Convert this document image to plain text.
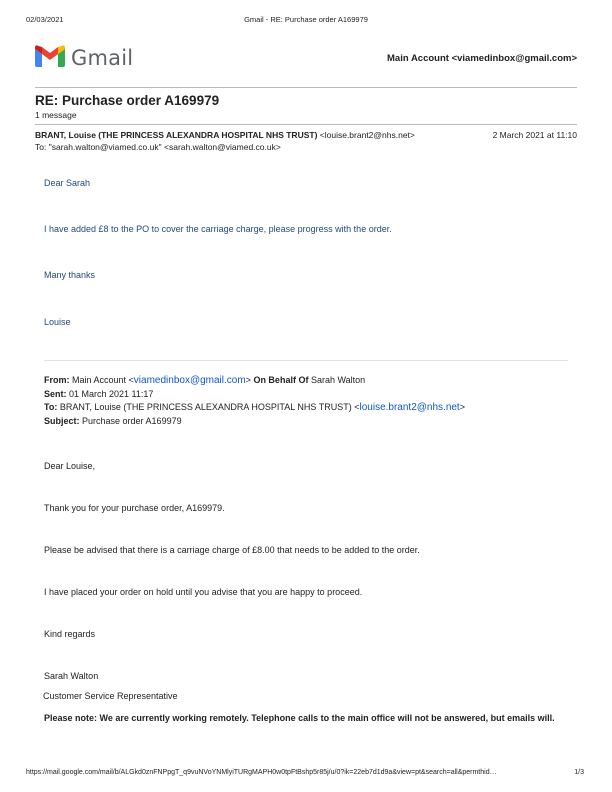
02/03/2021	Gmail - RE: Purchase order A169979
Gmail	Main Account <viamedinbox@gmail.com>
RE: Purchase order A169979
1 message
BRANT, Louise (THE PRINCESS ALEXANDRA HOSPITAL NHS TRUST) <louise.brant2@nhs.net>	2 March 2021 at 11:10
To: "sarah.walton@viamed.co.uk" <sarah.walton@viamed.co.uk>
Dear Sarah
I have added £8 to the PO to cover the carriage charge, please progress with the order.
Many thanks
Louise
From: Main Account <viamedinbox@gmail.com> On Behalf Of Sarah Walton
Sent: 01 March 2021 11:17
To: BRANT, Louise (THE PRINCESS ALEXANDRA HOSPITAL NHS TRUST) <louise.brant2@nhs.net>
Subject: Purchase order A169979
Dear Louise,
Thank you for your purchase order, A169979.
Please be advised that there is a carriage charge of £8.00 that needs to be added to the order.
I have placed your order on hold until you advise that you are happy to proceed.
Kind regards
Sarah Walton
Customer Service Representative
Please note: We are currently working remotely. Telephone calls to the main office will not be answered, but emails will.
https://mail.google.com/mail/b/ALGkd0znFNPpgT_q9vuNVoYNMlyiTURgMAPH0w0tpFtBshp5r85j/u/0?ik=22eb7d1d9a&view=pt&search=all&permthid…	1/3
